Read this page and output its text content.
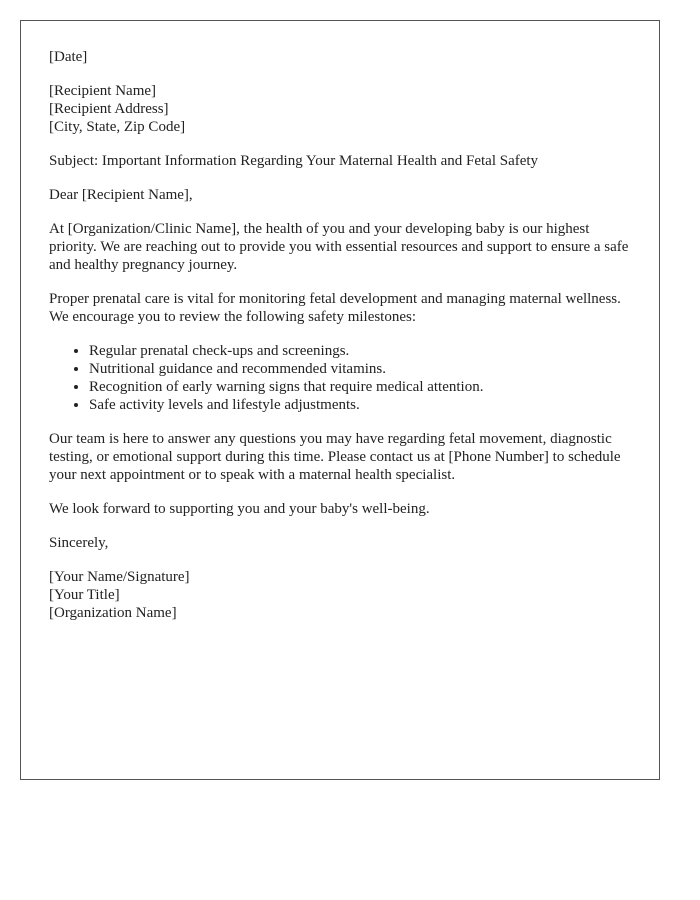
[Date]

[Recipient Name]
[Recipient Address]
[City, State, Zip Code]

Subject: Important Information Regarding Your Maternal Health and Fetal Safety

Dear [Recipient Name],

At [Organization/Clinic Name], the health of you and your developing baby is our highest priority. We are reaching out to provide you with essential resources and support to ensure a safe and healthy pregnancy journey.

Proper prenatal care is vital for monitoring fetal development and managing maternal wellness. We encourage you to review the following safety milestones:

• Regular prenatal check-ups and screenings.
• Nutritional guidance and recommended vitamins.
• Recognition of early warning signs that require medical attention.
• Safe activity levels and lifestyle adjustments.

Our team is here to answer any questions you may have regarding fetal movement, diagnostic testing, or emotional support during this time. Please contact us at [Phone Number] to schedule your next appointment or to speak with a maternal health specialist.

We look forward to supporting you and your baby's well-being.

Sincerely,

[Your Name/Signature]
[Your Title]
[Organization Name]
